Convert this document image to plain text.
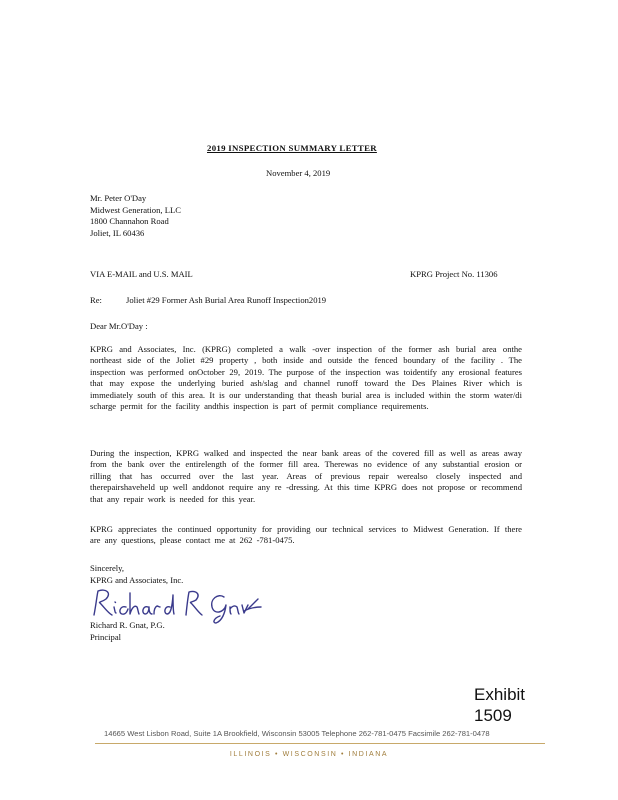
2019 INSPECTION SUMMARY LETTER
November 4, 2019
Mr. Peter O'Day
Midwest Generation, LLC
1800 Channahon Road
Joliet, IL 60436
VIA E-MAIL and U.S. MAIL	KPRG Project No. 11306
Re:	Joliet #29 Former Ash Burial Area Runoff Inspection2019
Dear Mr.O'Day :
KPRG and Associates, Inc. (KPRG) completed a walk -over inspection of the former ash burial area onthe northeast side of the Joliet #29 property , both inside and outside the fenced boundary of the facility . The inspection was performed onOctober 29, 2019. The purpose of the inspection was toidentify any erosional features that may expose the underlying buried ash/slag and channel runoff toward the Des Plaines River which is immediately south of this area. It is our understanding that theash burial area is included within the storm water/di scharge permit for the facility andthis inspection is part of permit compliance requirements.
During the inspection, KPRG walked and inspected the near bank areas of the covered fill as well as areas away from the bank over the entirelength of the former fill area. Therewas no evidence of any substantial erosion or rilling that has occurred over the last year. Areas of previous repair werealso closely inspected and therepairshaveheld up well anddonot require any re -dressing. At this time KPRG does not propose or recommend that any repair work is needed for this year.
KPRG appreciates the continued opportunity for providing our technical services to Midwest Generation. If there are any questions, please contact me at 262 -781-0475.
Sincerely,
KPRG and Associates, Inc.
Richard R. Gnat, P.G.
Principal
Exhibit
1509
14665 West Lisbon Road, Suite 1A Brookfield, Wisconsin 53005 Telephone 262-781-0475 Facsimile 262-781-0478
ILLINOIS • WISCONSIN • INDIANA
